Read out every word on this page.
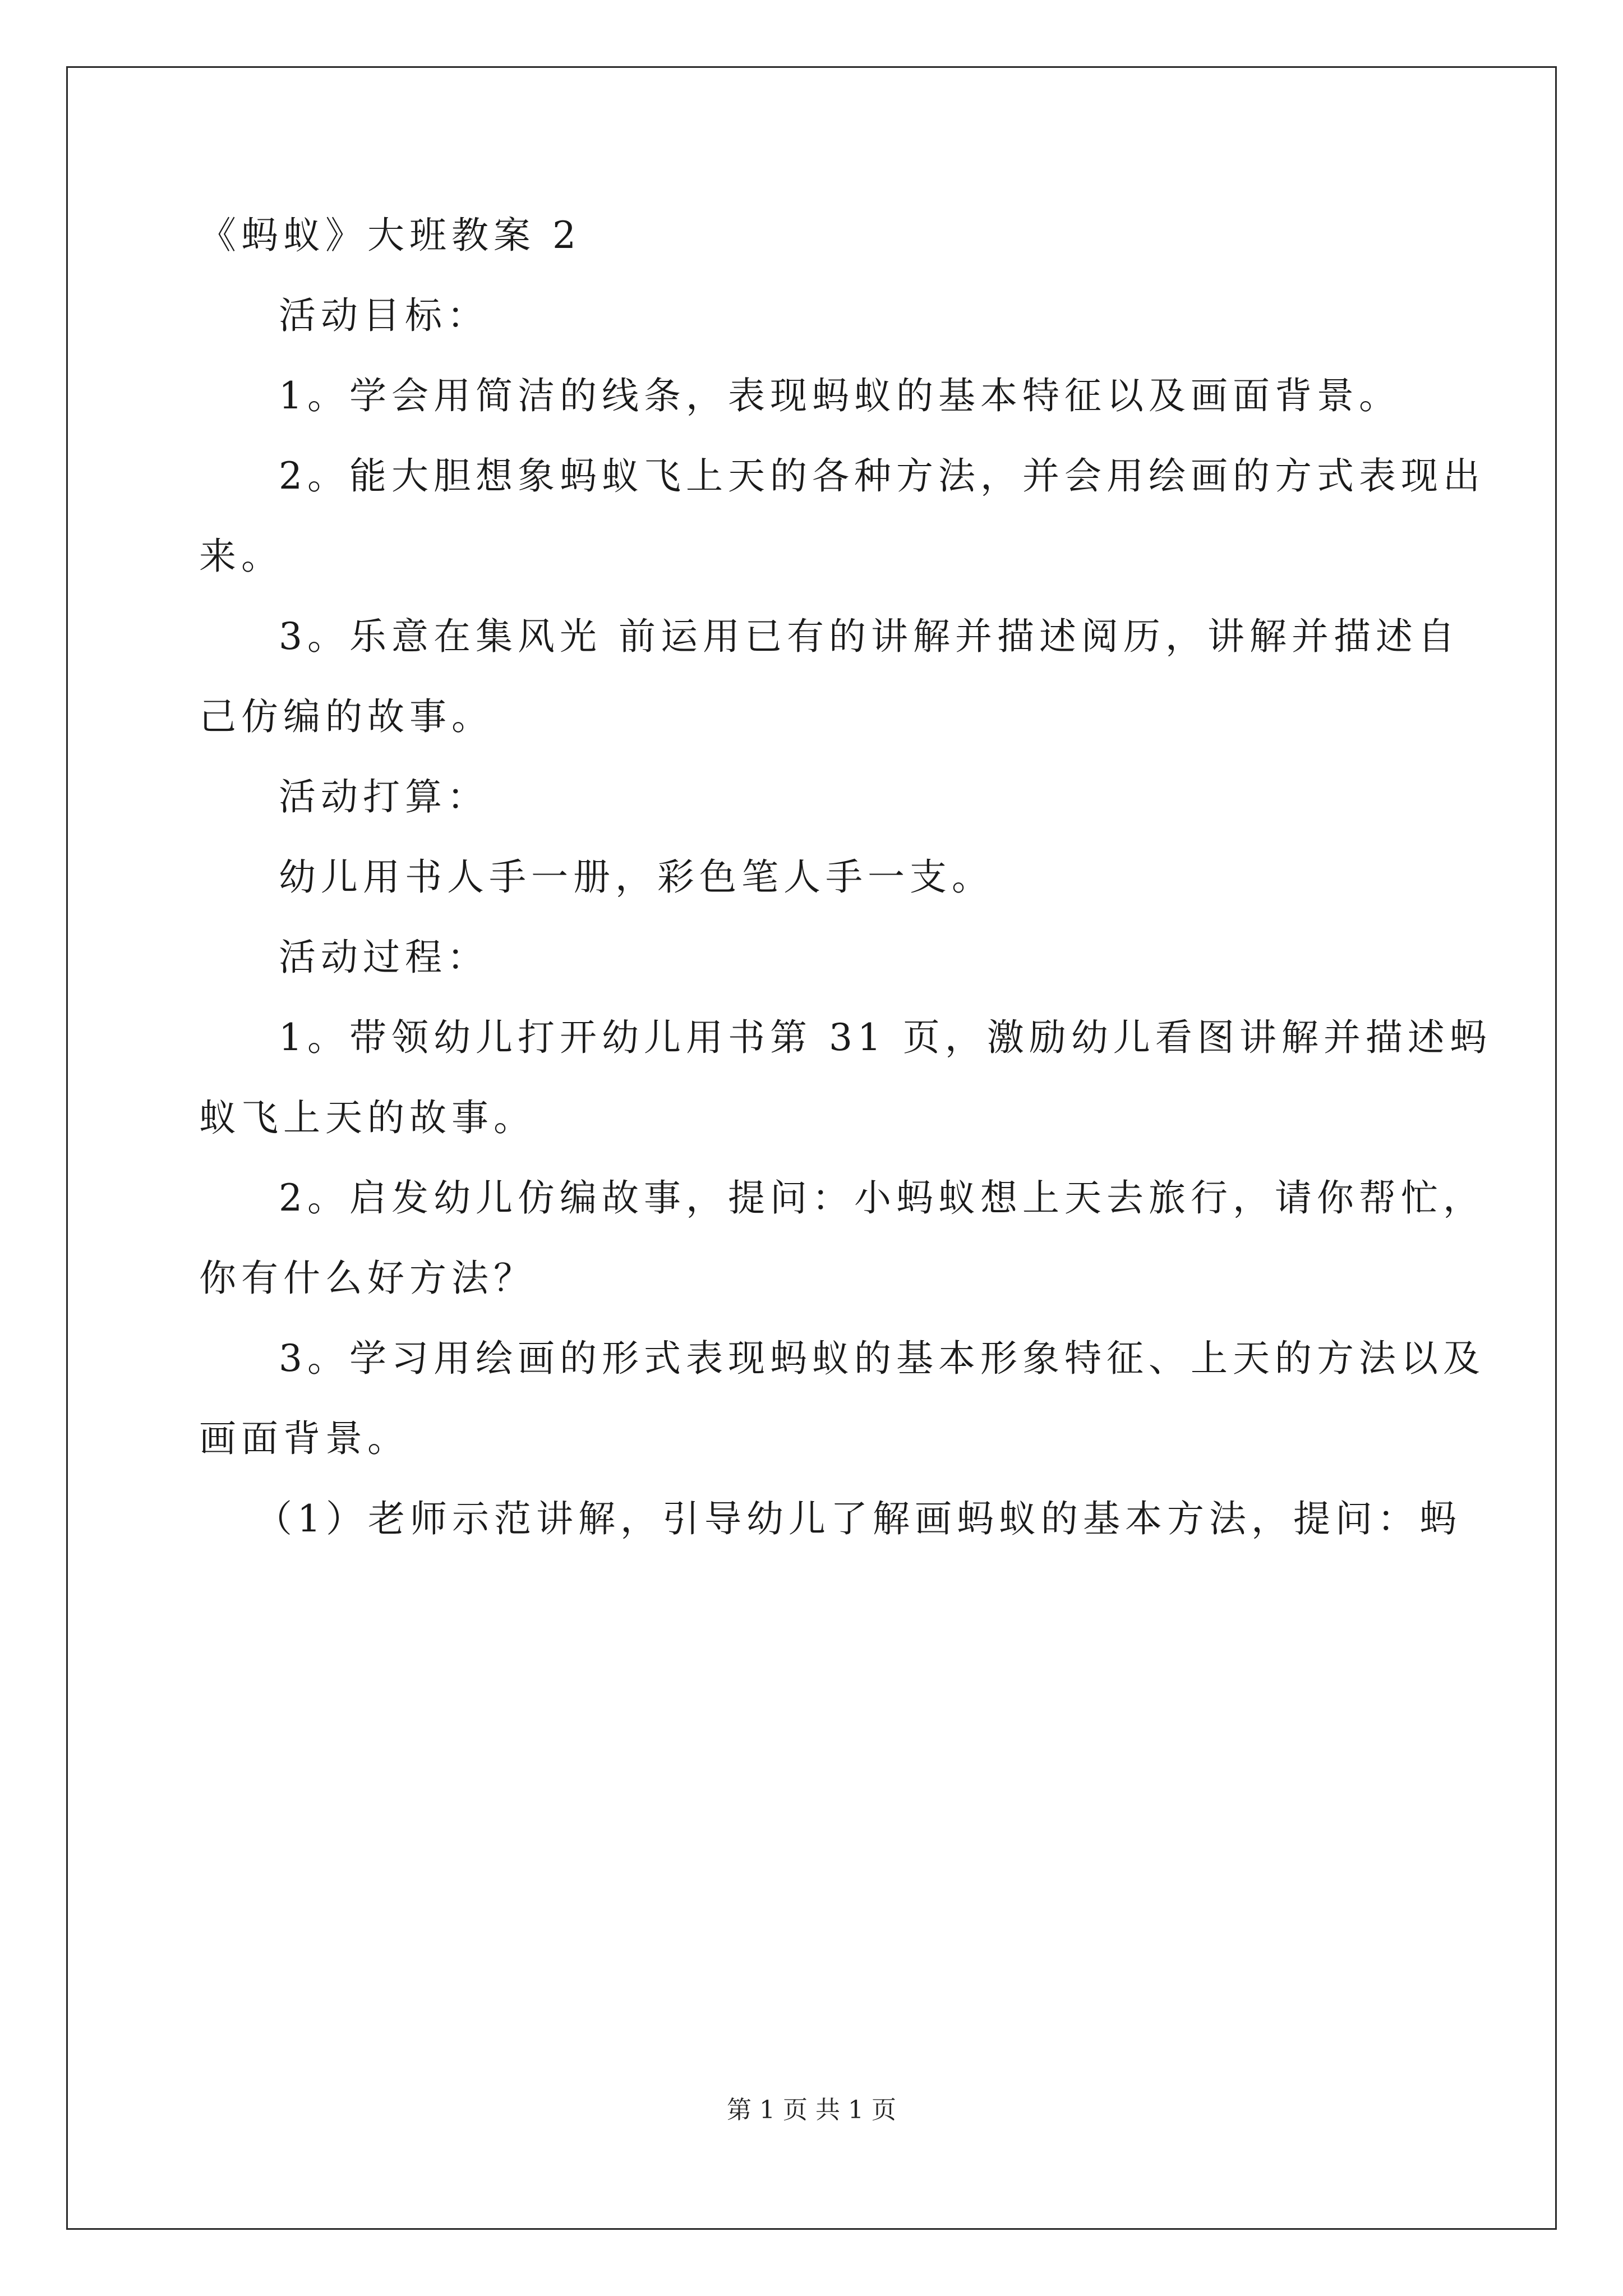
《蚂蚁》大班教案 2
活动目标：
1。学会用简洁的线条，表现蚂蚁的基本特征以及画面背景。
2。能大胆想象蚂蚁飞上天的各种方法，并会用绘画的方式表现出
来。
3。乐意在集风光 前运用已有的讲解并描述阅历，讲解并描述自
己仿编的故事。
活动打算：
幼儿用书人手一册，彩色笔人手一支。
活动过程：
1。带领幼儿打开幼儿用书第 31 页，激励幼儿看图讲解并描述蚂
蚁飞上天的故事。
2。启发幼儿仿编故事，提问：小蚂蚁想上天去旅行，请你帮忙，
你有什么好方法？
3。学习用绘画的形式表现蚂蚁的基本形象特征、上天的方法以及
画面背景。
（1）老师示范讲解，引导幼儿了解画蚂蚁的基本方法，提问：蚂
第 1 页 共 1 页
